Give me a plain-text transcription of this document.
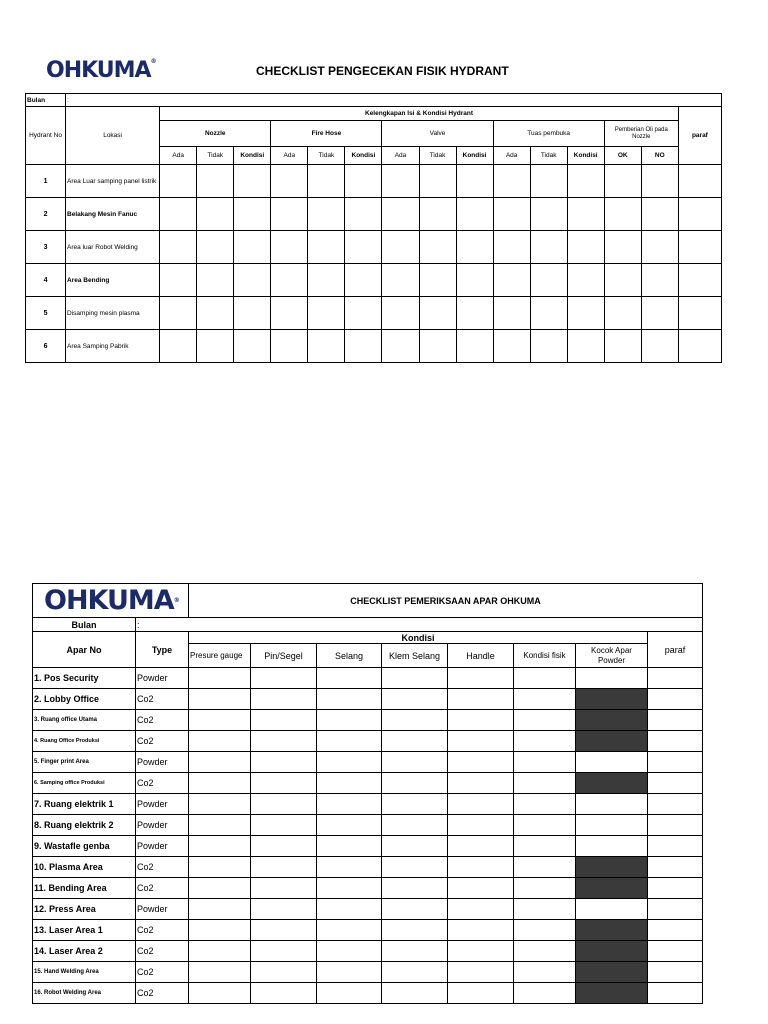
OHKUMA®
CHECKLIST PENGECEKAN FISIK HYDRANT
Bulan	:															
Hydrant No	Lokasi	Kelengkapan Isi & Kondisi Hydrant														paraf
		Nozzle			Fire Hose			Valve			Tuas pembuka			Pemberian Oli pada Nozzle		
		Ada	Tidak	Kondisi	Ada	Tidak	Kondisi	Ada	Tidak	Kondisi	Ada	Tidak	Kondisi	OK	NO	
1	Area Luar samping panel listrik															
2	Belakang Mesin Fanuc															
3	Area luar Robot Welding															
4	Area Bending															
5	Disamping mesin plasma															
6	Area Samping Pabrik															
OHKUMA®		CHECKLIST PEMERIKSAAN APAR OHKUMA							
Bulan	:								
Apar No	Type	Kondisi							paraf
		Presure gauge	Pin/Segel	Selang	Klem Selang	Handle	Kondisi fisik	Kocok Apar Powder	
1. Pos Security	Powder								
2. Lobby Office	Co2								
3. Ruang office Utama	Co2								
4. Ruang Office Produksi	Co2								
5. Finger print Area	Powder								
6. Samping office Produksi	Co2								
7. Ruang elektrik 1	Powder								
8. Ruang elektrik 2	Powder								
9. Wastafle genba	Powder								
10. Plasma Area	Co2								
11. Bending Area	Co2								
12. Press Area	Powder								
13. Laser Area 1	Co2								
14. Laser Area 2	Co2								
15. Hand Welding Area	Co2								
16. Robot Welding Area	Co2								
